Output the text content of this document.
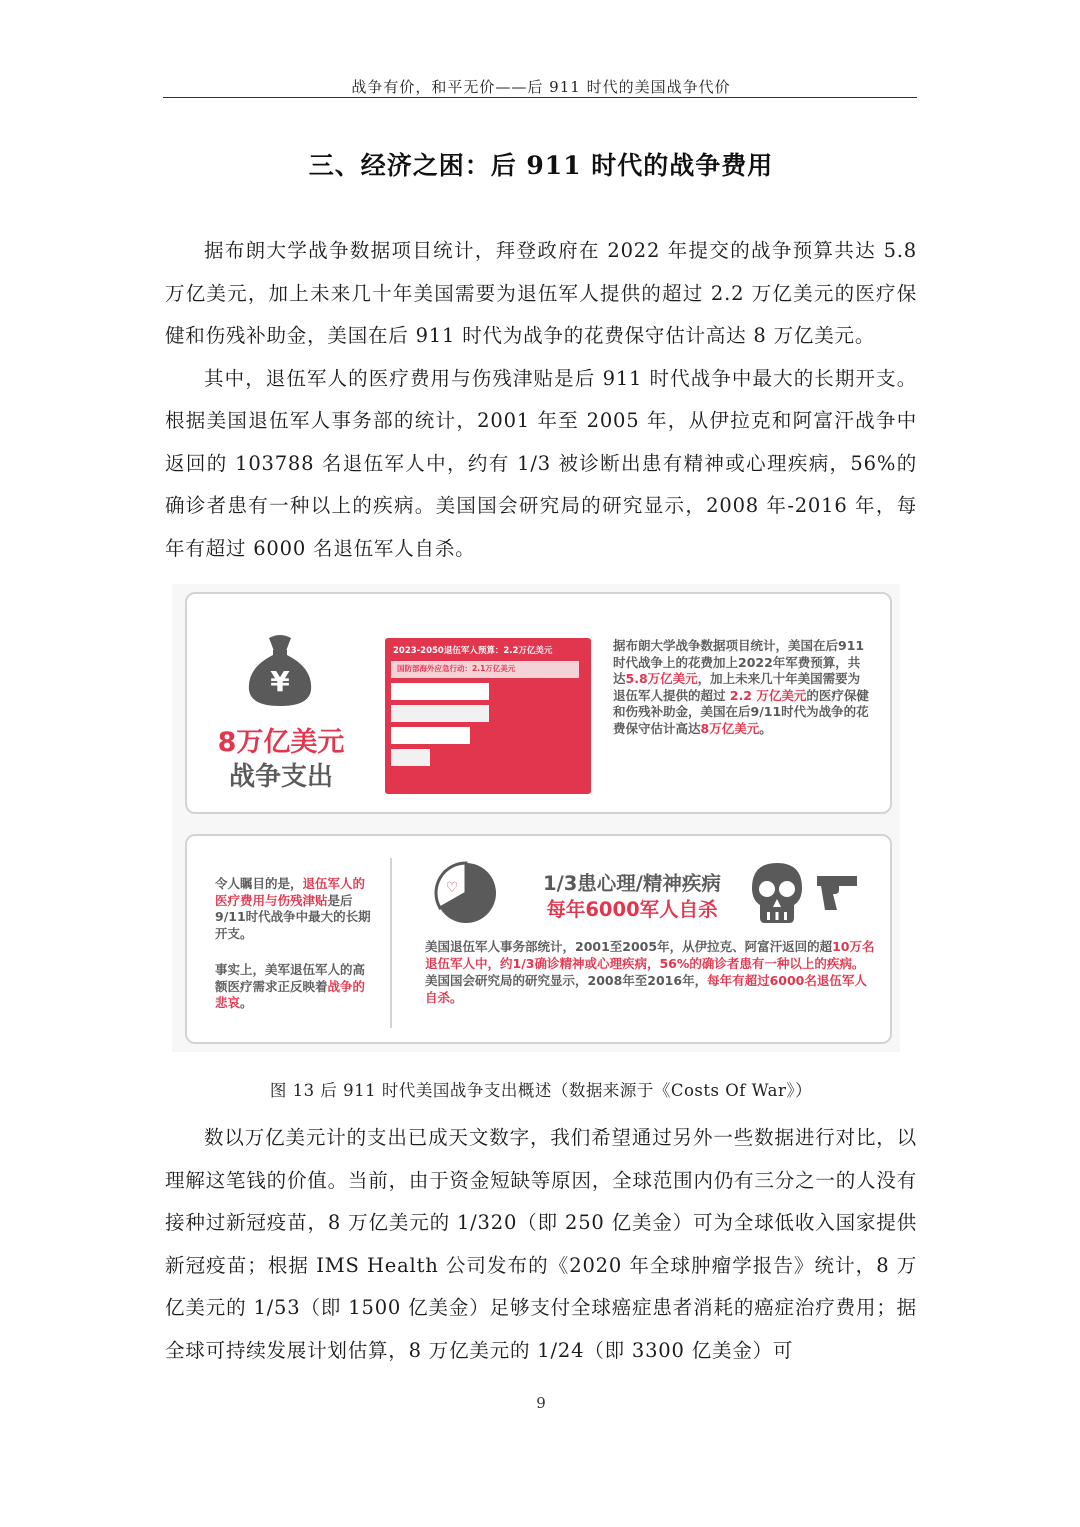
战争有价，和平无价——后 911 时代的美国战争代价
三、经济之困：后 911 时代的战争费用

据布朗大学战争数据项目统计，拜登政府在 2022 年提交的战争预算共达 5.8 万亿美元，加上未来几十年美国需要为退伍军人提供的超过 2.2 万亿美元的医疗保健和伤残补助金，美国在后 911 时代为战争的花费保守估计高达 8 万亿美元。

其中，退伍军人的医疗费用与伤残津贴是后 911 时代战争中最大的长期开支。根据美国退伍军人事务部的统计，2001 年至 2005 年，从伊拉克和阿富汗战争中返回的 103788 名退伍军人中，约有 1/3 被诊断出患有精神或心理疾病，56%的确诊者患有一种以上的疾病。美国国会研究局的研究显示，2008 年-2016 年，每年有超过 6000 名退伍军人自杀。

¥
8万亿美元
战争支出
2023-2050退伍军人预算：2.2万亿美元
国防部海外应急行动：2.1万亿美元
据布朗大学战争数据项目统计，美国在后911时代战争上的花费加上2022年军费预算，共达5.8万亿美元，加上未来几十年美国需要为退伍军人提供的超过 2.2 万亿美元的医疗保健和伤残补助金，美国在后9/11时代为战争的花费保守估计高达8万亿美元。
令人瞩目的是，退伍军人的医疗费用与伤残津贴是后9/11时代战争中最大的长期开支。
事实上，美军退伍军人的高额医疗需求正反映着战争的悲哀。
♡	1/3患心理/精神疾病
每年6000军人自杀
美国退伍军人事务部统计，2001至2005年，从伊拉克、阿富汗返回的超10万名退伍军人中，约1/3确诊精神或心理疾病，56%的确诊者患有一种以上的疾病。美国国会研究局的研究显示，2008年至2016年，每年有超过6000名退伍军人自杀。
图 13 后 911 时代美国战争支出概述（数据来源于《Costs Of War》）

数以万亿美元计的支出已成天文数字，我们希望通过另外一些数据进行对比，以理解这笔钱的价值。当前，由于资金短缺等原因，全球范围内仍有三分之一的人没有接种过新冠疫苗，8 万亿美元的 1/320（即 250 亿美金）可为全球低收入国家提供新冠疫苗；根据 IMS Health 公司发布的《2020 年全球肿瘤学报告》统计，8 万亿美元的 1/53（即 1500 亿美金）足够支付全球癌症患者消耗的癌症治疗费用；据全球可持续发展计划估算，8 万亿美元的 1/24（即 3300 亿美金）可

9
